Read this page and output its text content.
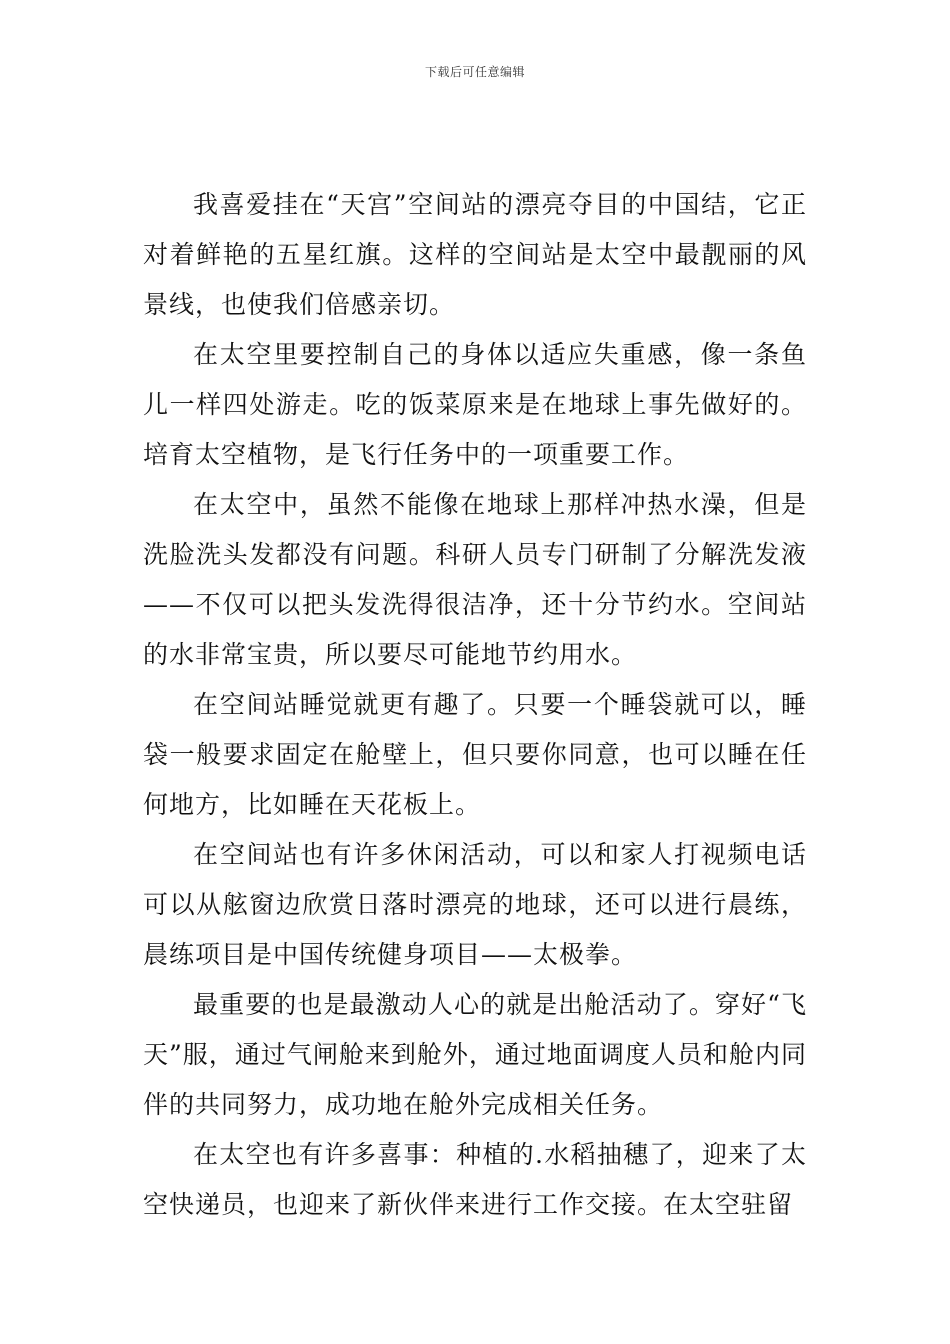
下载后可任意编辑

我喜爱挂在“天宫”空间站的漂亮夺目的中国结，它正对着鲜艳的五星红旗。这样的空间站是太空中最靓丽的风景线，也使我们倍感亲切。

在太空里要控制自己的身体以适应失重感，像一条鱼儿一样四处游走。吃的饭菜原来是在地球上事先做好的。培育太空植物，是飞行任务中的一项重要工作。

在太空中，虽然不能像在地球上那样冲热水澡，但是洗脸洗头发都没有问题。科研人员专门研制了分解洗发液——不仅可以把头发洗得很洁净，还十分节约水。空间站的水非常宝贵，所以要尽可能地节约用水。

在空间站睡觉就更有趣了。只要一个睡袋就可以，睡袋一般要求固定在舱壁上，但只要你同意，也可以睡在任何地方，比如睡在天花板上。

在空间站也有许多休闲活动，可以和家人打视频电话可以从舷窗边欣赏日落时漂亮的地球，还可以进行晨练，晨练项目是中国传统健身项目——太极拳。

最重要的也是最激动人心的就是出舱活动了。穿好“飞天”服，通过气闸舱来到舱外，通过地面调度人员和舱内同伴的共同努力，成功地在舱外完成相关任务。

在太空也有许多喜事：种植的.水稻抽穗了，迎来了太空快递员，也迎来了新伙伴来进行工作交接。在太空驻留
